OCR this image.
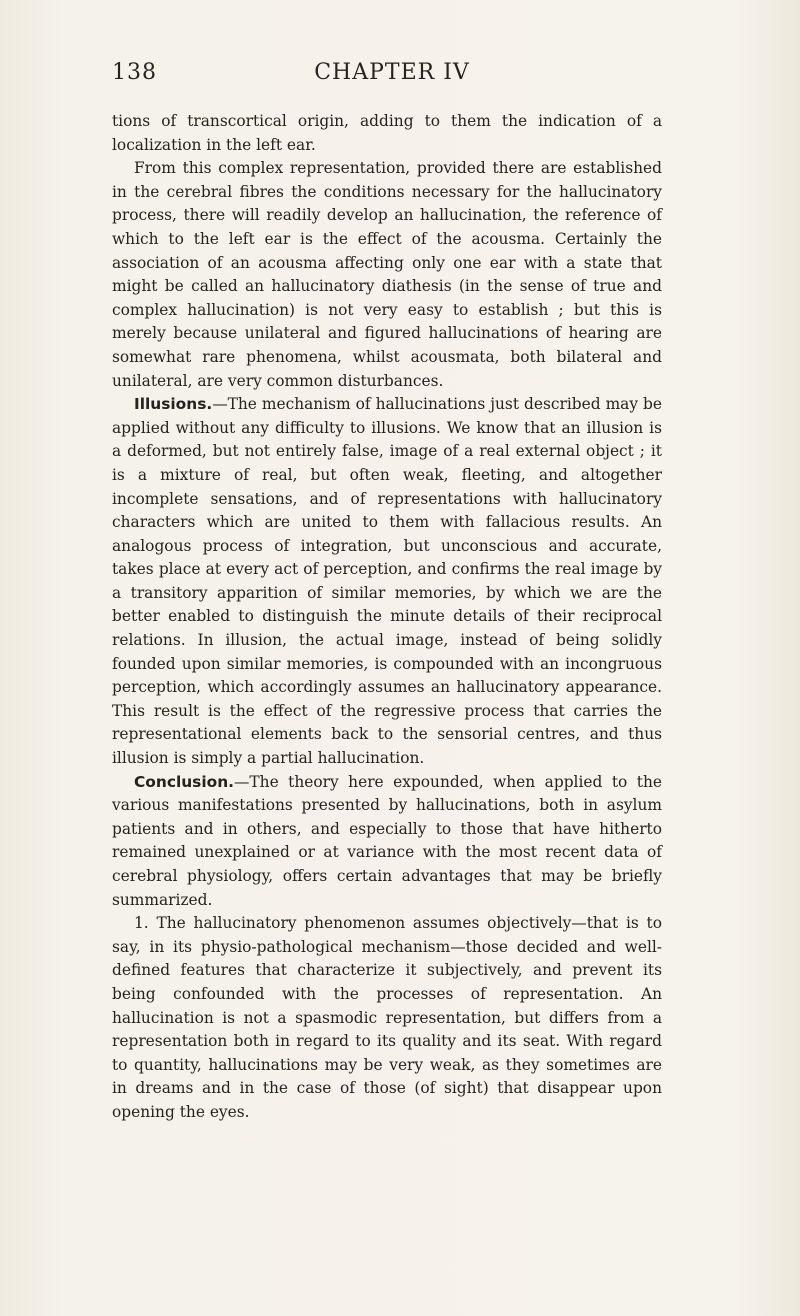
138	CHAPTER IV

tions of transcortical origin, adding to them the indication of a localization in the left ear.

From this complex representation, provided there are established in the cerebral fibres the conditions necessary for the hallucinatory process, there will readily develop an hallucination, the reference of which to the left ear is the effect of the acousma. Certainly the association of an acousma affecting only one ear with a state that might be called an hallucinatory diathesis (in the sense of true and complex hallucination) is not very easy to establish ; but this is merely because unilateral and figured hallucinations of hearing are somewhat rare phenomena, whilst acousmata, both bilateral and unilateral, are very common disturbances.

Illusions.—The mechanism of hallucinations just described may be applied without any difficulty to illusions. We know that an illusion is a deformed, but not entirely false, image of a real external object ; it is a mixture of real, but often weak, fleeting, and altogether incomplete sensations, and of representations with hallucinatory characters which are united to them with fallacious results. An analogous process of integration, but unconscious and accurate, takes place at every act of perception, and confirms the real image by a transitory apparition of similar memories, by which we are the better enabled to distinguish the minute details of their reciprocal relations. In illusion, the actual image, instead of being solidly founded upon similar memories, is compounded with an incongruous perception, which accordingly assumes an hallucinatory appearance. This result is the effect of the regressive process that carries the representational elements back to the sensorial centres, and thus illusion is simply a partial hallucination.

Conclusion.—The theory here expounded, when applied to the various manifestations presented by hallucinations, both in asylum patients and in others, and especially to those that have hitherto remained unexplained or at variance with the most recent data of cerebral physiology, offers certain advantages that may be briefly summarized.

1. The hallucinatory phenomenon assumes objectively—that is to say, in its physio-pathological mechanism—those decided and well-defined features that characterize it subjectively, and prevent its being confounded with the processes of representation. An hallucination is not a spasmodic representation, but differs from a representation both in regard to its quality and its seat. With regard to quantity, hallucinations may be very weak, as they sometimes are in dreams and in the case of those (of sight) that disappear upon opening the eyes.
